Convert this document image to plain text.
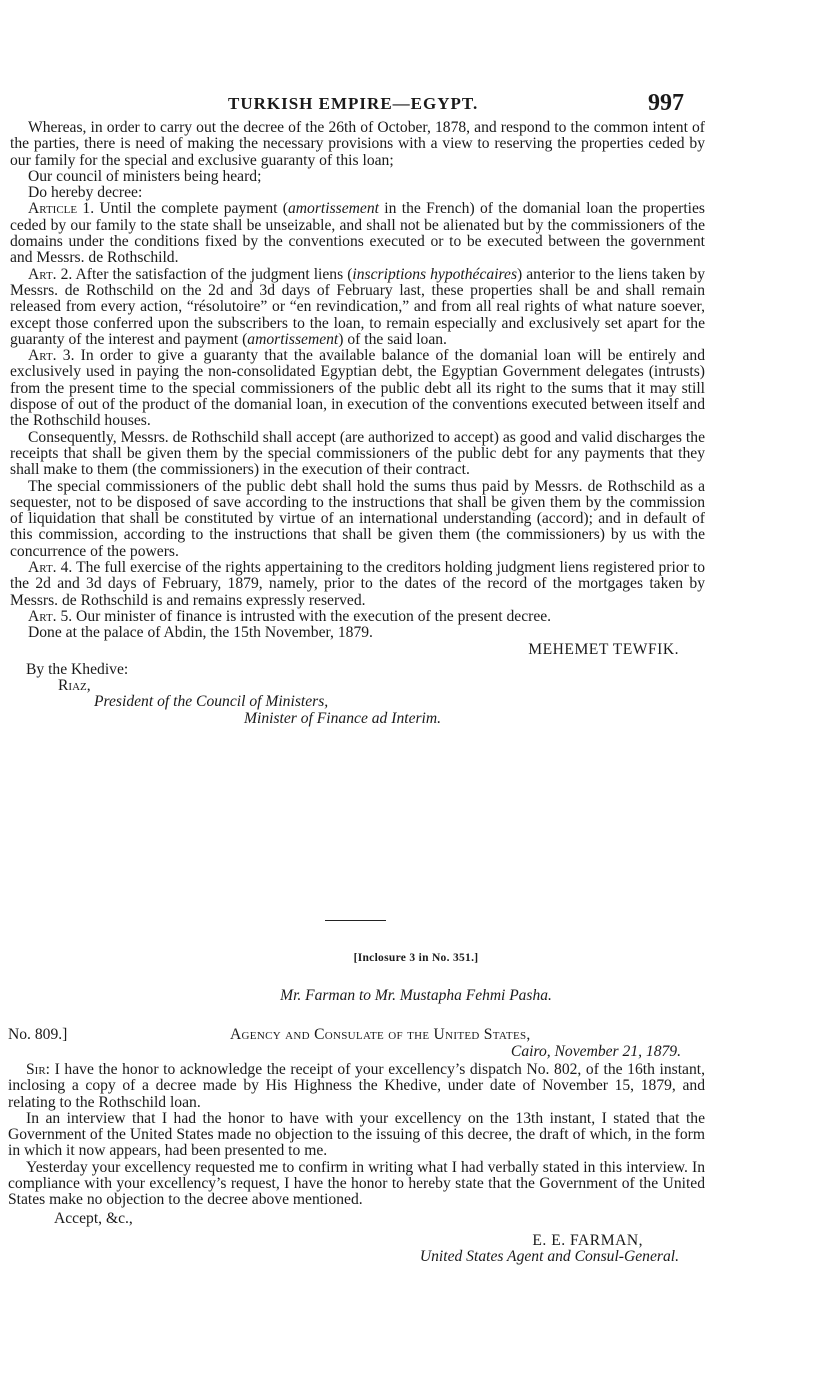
TURKISH EMPIRE—EGYPT.	997

Whereas, in order to carry out the decree of the 26th of October, 1878, and respond to the common intent of the parties, there is need of making the necessary provisions with a view to reserving the properties ceded by our family for the special and exclusive guaranty of this loan;

Our council of ministers being heard;

Do hereby decree:

Article 1. Until the complete payment (amortissement in the French) of the domanial loan the properties ceded by our family to the state shall be unseizable, and shall not be alienated but by the commissioners of the domains under the conditions fixed by the conventions executed or to be executed between the government and Messrs. de Rothschild.

Art. 2. After the satisfaction of the judgment liens (inscriptions hypothécaires) anterior to the liens taken by Messrs. de Rothschild on the 2d and 3d days of February last, these properties shall be and shall remain released from every action, “résolutoire” or “en revindication,” and from all real rights of what nature soever, except those conferred upon the subscribers to the loan, to remain especially and exclusively set apart for the guaranty of the interest and payment (amortissement) of the said loan.

Art. 3. In order to give a guaranty that the available balance of the domanial loan will be entirely and exclusively used in paying the non-consolidated Egyptian debt, the Egyptian Government delegates (intrusts) from the present time to the special commissioners of the public debt all its right to the sums that it may still dispose of out of the product of the domanial loan, in execution of the conventions executed between itself and the Rothschild houses.

Consequently, Messrs. de Rothschild shall accept (are authorized to accept) as good and valid discharges the receipts that shall be given them by the special commissioners of the public debt for any payments that they shall make to them (the commissioners) in the execution of their contract.

The special commissioners of the public debt shall hold the sums thus paid by Messrs. de Rothschild as a sequester, not to be disposed of save according to the instructions that shall be given them by the commission of liquidation that shall be constituted by virtue of an international understanding (accord); and in default of this commission, according to the instructions that shall be given them (the commissioners) by us with the concurrence of the powers.

Art. 4. The full exercise of the rights appertaining to the creditors holding judgment liens registered prior to the 2d and 3d days of February, 1879, namely, prior to the dates of the record of the mortgages taken by Messrs. de Rothschild is and remains expressly reserved.

Art. 5. Our minister of finance is intrusted with the execution of the present decree.

Done at the palace of Abdin, the 15th November, 1879.

MEHEMET TEWFIK.

By the Khedive:

Riaz,

President of the Council of Ministers,

Minister of Finance ad Interim.

[Inclosure 3 in No. 351.]
Mr. Farman to Mr. Mustapha Fehmi Pasha.
No. 809.]	Agency and Consulate of the United States,
Cairo, November 21, 1879.

Sir: I have the honor to acknowledge the receipt of your excellency’s dispatch No. 802, of the 16th instant, inclosing a copy of a decree made by His Highness the Khedive, under date of November 15, 1879, and relating to the Rothschild loan.

In an interview that I had the honor to have with your excellency on the 13th instant, I stated that the Government of the United States made no objection to the issuing of this decree, the draft of which, in the form in which it now appears, had been presented to me.

Yesterday your excellency requested me to confirm in writing what I had verbally stated in this interview. In compliance with your excellency’s request, I have the honor to hereby state that the Government of the United States make no objection to the decree above mentioned.

Accept, &c.,

E. E. FARMAN,

United States Agent and Consul-General.
